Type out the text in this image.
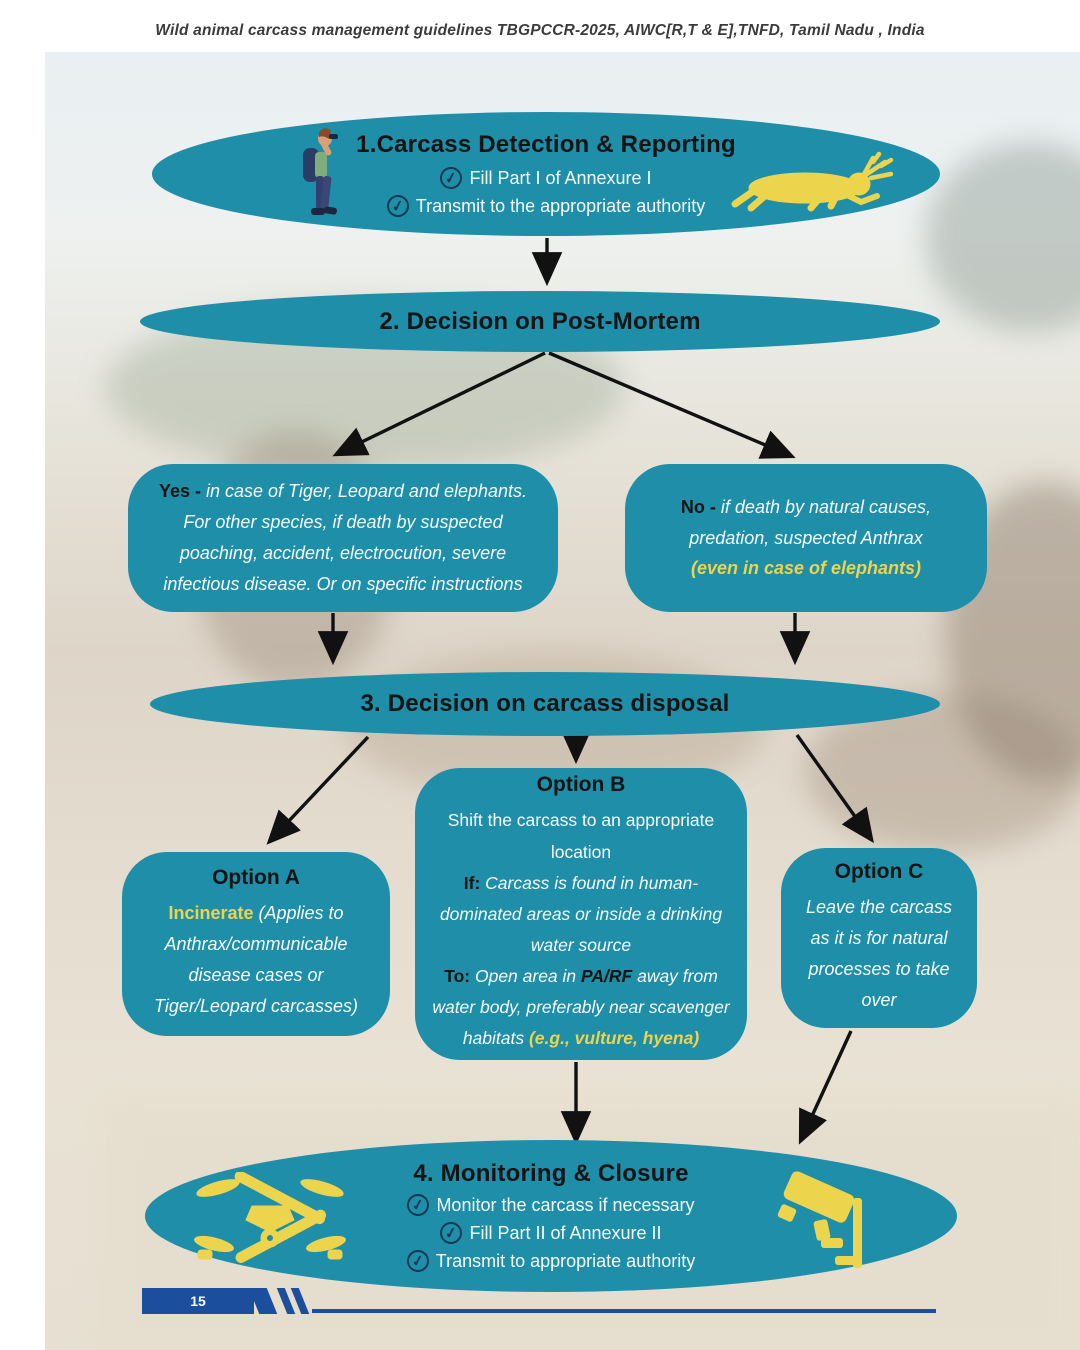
Wild animal carcass management guidelines TBGPCCR-2025, AIWC[R,T & E],TNFD, Tamil Nadu , India
1.Carcass Detection & Reporting
✓ Fill Part I of Annexure I
✓ Transmit to the appropriate authority
2. Decision on Post-Mortem
Yes - in case of Tiger, Leopard and elephants. For other species, if death by suspected poaching, accident, electrocution, severe infectious disease. Or on specific instructions
No - if death by natural causes, predation, suspected Anthrax
(even in case of elephants)
3. Decision on carcass disposal
Option A
Incinerate (Applies to Anthrax/communicable disease cases or Tiger/Leopard carcasses)
Option B
Shift the carcass to an appropriate location
If: Carcass is found in human-dominated areas or inside a drinking water source
To: Open area in PA/RF away from water body, preferably near scavenger habitats (e.g., vulture, hyena)
Option C
Leave the carcass as it is for natural processes to take over
4. Monitoring & Closure
✓ Monitor the carcass if necessary
✓ Fill Part II of Annexure II
✓ Transmit to appropriate authority
15
